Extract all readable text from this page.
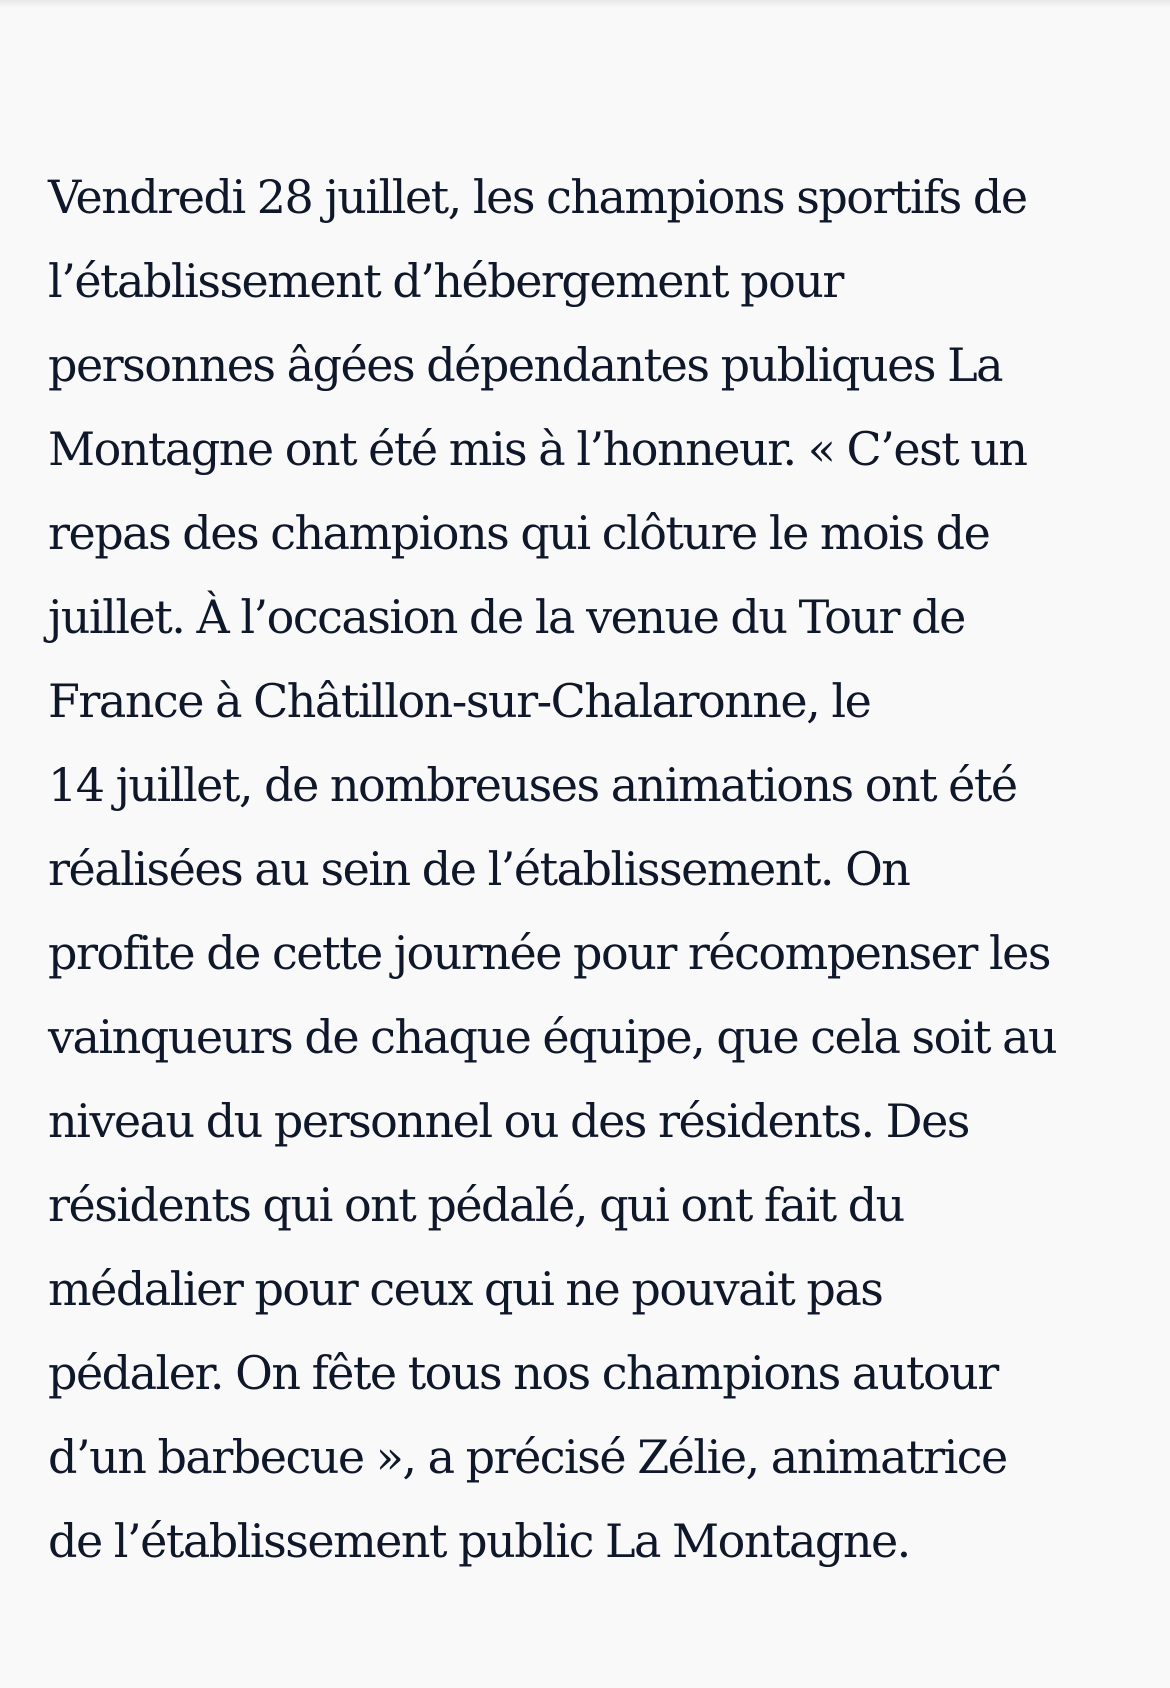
Vendredi 28 juillet, les champions sportifs de
l’établissement d’hébergement pour
personnes âgées dépendantes publiques La
Montagne ont été mis à l’honneur. « C’est un
repas des champions qui clôture le mois de
juillet. À l’occasion de la venue du Tour de
France à Châtillon-sur-Chalaronne, le
14 juillet, de nombreuses animations ont été
réalisées au sein de l’établissement. On
profite de cette journée pour récompenser les
vainqueurs de chaque équipe, que cela soit au
niveau du personnel ou des résidents. Des
résidents qui ont pédalé, qui ont fait du
médalier pour ceux qui ne pouvait pas
pédaler. On fête tous nos champions autour
d’un barbecue », a précisé Zélie, animatrice
de l’établissement public La Montagne.
